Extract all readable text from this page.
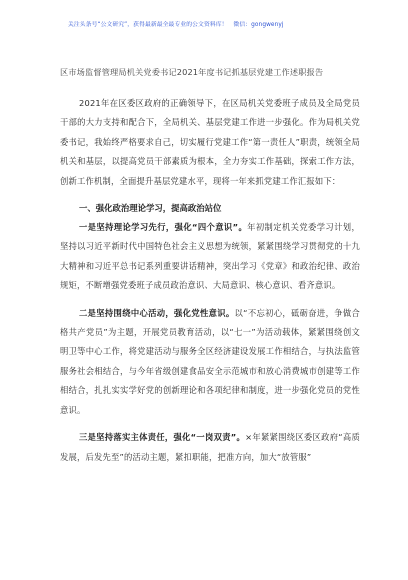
关注头条号“公文研究”，获得最新最全最专业的公文资料库！　微信：gongwenyj
区市场监督管理局机关党委书记2021年度书记抓基层党建工作述职报告

2021年在区委区政府的正确领导下，在区局机关党委班子成员及全局党员干部的大力支持和配合下，全局机关、基层党建工作进一步强化。作为局机关党委书记，我始终严格要求自己，切实履行党建工作“第一责任人”职责，统领全局机关和基层，以提高党员干部素质为根本，全力夯实工作基础，探索工作方法，创新工作机制，全面提升基层党建水平，现将一年来抓党建工作汇报如下：

一、强化政治理论学习，提高政治站位

一是坚持理论学习先行，强化“四个意识”。年初制定机关党委学习计划，坚持以习近平新时代中国特色社会主义思想为统领，紧紧围绕学习贯彻党的十九大精神和习近平总书记系列重要讲话精神，突出学习《党章》和政治纪律、政治规矩，不断增强党委班子成员政治意识、大局意识、核心意识、看齐意识。

二是坚持围绕中心活动，强化党性意识。以“不忘初心，砥砺奋进，争做合格共产党员”为主题，开展党员教育活动，以“七一”为活动载体，紧紧围绕创文明卫等中心工作，将党建活动与服务全区经济建设发展工作相结合，与执法监管服务社会相结合，与今年省级创建食品安全示范城市和放心消费城市创建等工作相结合，扎扎实实学好党的创新理论和各项纪律和制度，进一步强化党员的党性意识。

三是坚持落实主体责任，强化“一岗双责”。×年紧紧围绕区委区政府“高质发展，后发先至”的活动主题，紧扣职能，把准方向，加大“放管服”
